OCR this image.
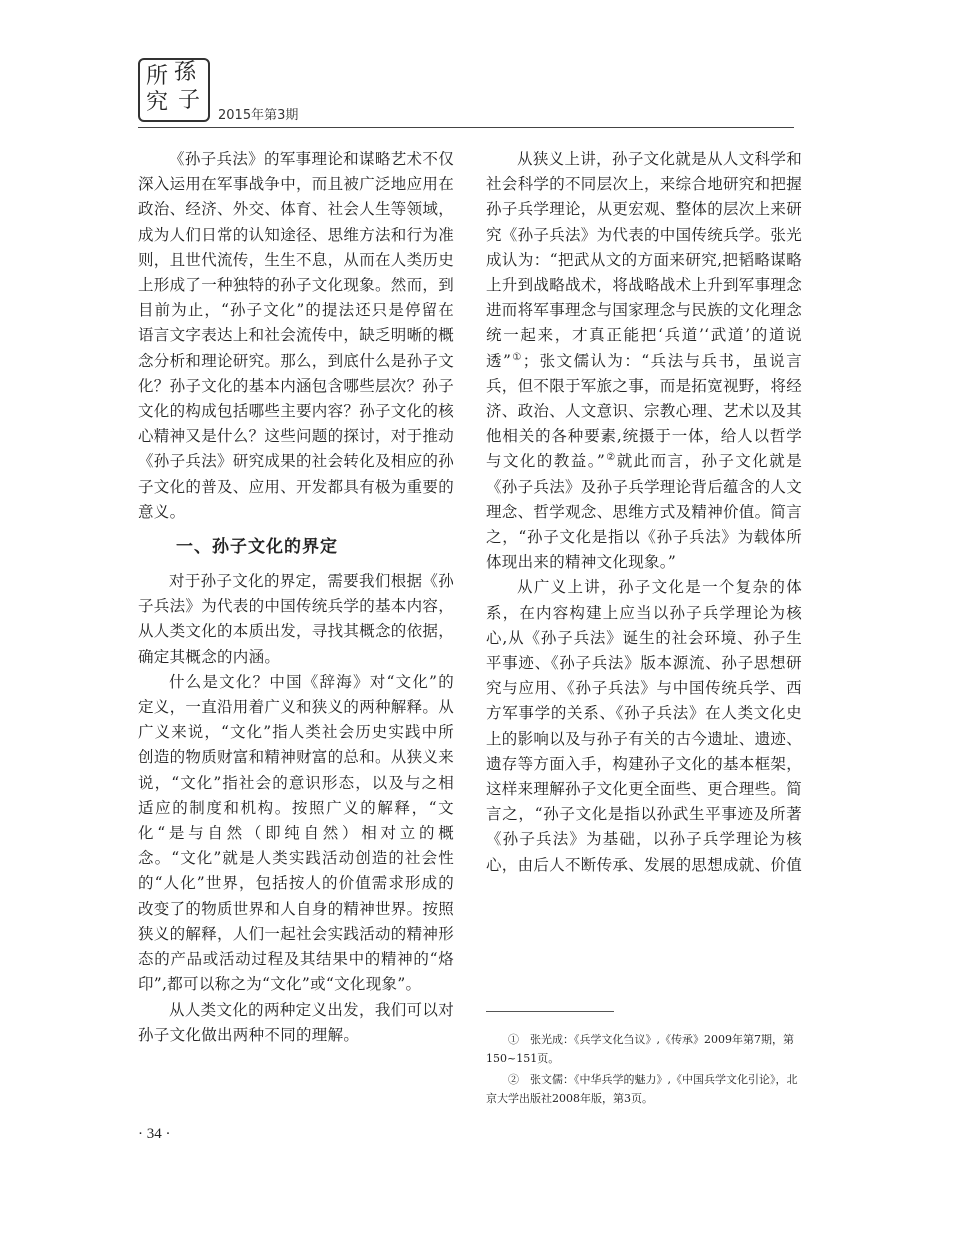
所 孫
究 子
2015年第3期

《孙子兵法》的军事理论和谋略艺术不仅深入运用在军事战争中，而且被广泛地应用在政治、经济、外交、体育、社会人生等领域，成为人们日常的认知途径、思维方法和行为准则，且世代流传，生生不息，从而在人类历史上形成了一种独特的孙子文化现象。然而，到目前为止，“孙子文化”的提法还只是停留在语言文字表达上和社会流传中，缺乏明晰的概念分析和理论研究。那么，到底什么是孙子文化？孙子文化的基本内涵包含哪些层次？孙子文化的构成包括哪些主要内容？孙子文化的核心精神又是什么？这些问题的探讨，对于推动《孙子兵法》研究成果的社会转化及相应的孙子文化的普及、应用、开发都具有极为重要的意义。

一、孙子文化的界定

对于孙子文化的界定，需要我们根据《孙子兵法》为代表的中国传统兵学的基本内容，从人类文化的本质出发，寻找其概念的依据，确定其概念的内涵。

什么是文化？中国《辞海》对“文化”的定义，一直沿用着广义和狭义的两种解释。从广义来说，“文化”指人类社会历史实践中所创造的物质财富和精神财富的总和。从狭义来说，“文化”指社会的意识形态，以及与之相适应的制度和机构。按照广义的解释，“文化“是与自然（即纯自然）相对立的概念。“文化”就是人类实践活动创造的社会性的“人化”世界，包括按人的价值需求形成的改变了的物质世界和人自身的精神世界。按照狭义的解释，人们一起社会实践活动的精神形态的产品或活动过程及其结果中的精神的“烙印”,都可以称之为“文化”或“文化现象”。

从人类文化的两种定义出发，我们可以对孙子文化做出两种不同的理解。

从狭义上讲，孙子文化就是从人文科学和社会科学的不同层次上，来综合地研究和把握孙子兵学理论，从更宏观、整体的层次上来研究《孙子兵法》为代表的中国传统兵学。张光成认为：“把武从文的方面来研究,把韬略谋略上升到战略战术，将战略战术上升到军事理念进而将军事理念与国家理念与民族的文化理念统一起来，才真正能把‘兵道’‘武道’的道说透”①；张文儒认为：“兵法与兵书，虽说言兵，但不限于军旅之事，而是拓宽视野，将经济、政治、人文意识、宗教心理、艺术以及其他相关的各种要素,统摄于一体，给人以哲学与文化的教益。”②就此而言，孙子文化就是《孙子兵法》及孙子兵学理论背后蕴含的人文理念、哲学观念、思维方式及精神价值。简言之，“孙子文化是指以《孙子兵法》为载体所体现出来的精神文化现象。”

从广义上讲，孙子文化是一个复杂的体系，在内容构建上应当以孙子兵学理论为核心,从《孙子兵法》诞生的社会环境、孙子生平事迹、《孙子兵法》版本源流、孙子思想研究与应用、《孙子兵法》与中国传统兵学、西方军事学的关系、《孙子兵法》在人类文化史上的影响以及与孙子有关的古今遗址、遗迹、遗存等方面入手，构建孙子文化的基本框架，这样来理解孙子文化更全面些、更合理些。简言之，“孙子文化是指以孙武生平事迹及所著《孙子兵法》为基础，以孙子兵学理论为核心，由后人不断传承、发展的思想成就、价值

①　张光成：《兵学文化刍议》,《传承》2009年第7期，第150~151页。

②　张文儒：《中华兵学的魅力》,《中国兵学文化引论》，北京大学出版社2008年版，第3页。

· 34 ·
